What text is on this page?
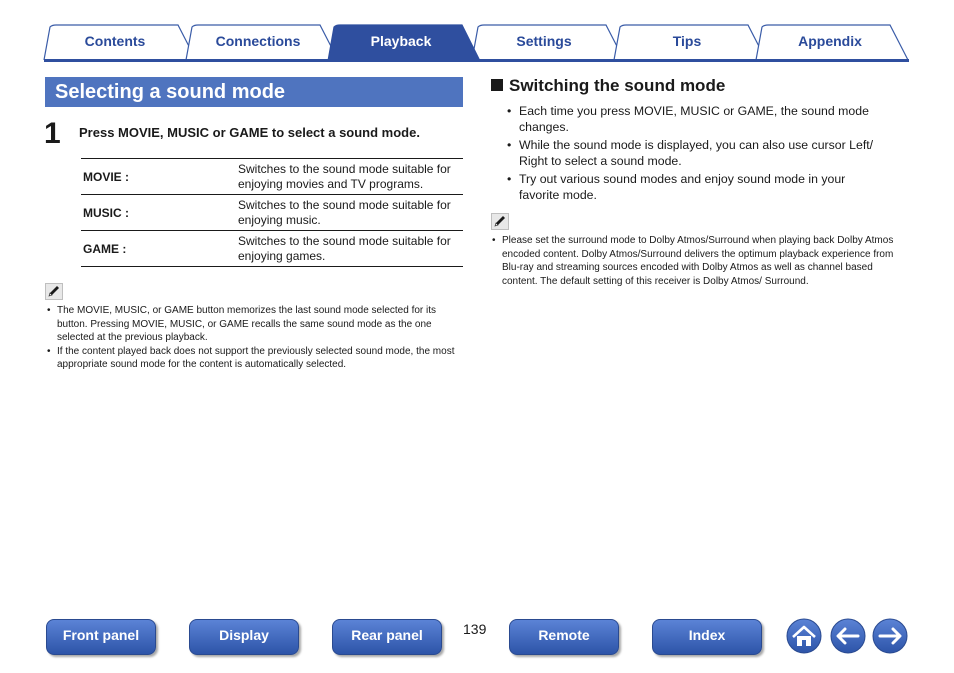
Contents	Connections	Playback	Settings	Tips	Appendix
Selecting a sound mode
1 Press MOVIE, MUSIC or GAME to select a sound mode.
MOVIE :	Switches to the sound mode suitable for enjoying movies and TV programs.
MUSIC :	Switches to the sound mode suitable for enjoying music.
GAME :	Switches to the sound mode suitable for enjoying games.
• The MOVIE, MUSIC, or GAME button memorizes the last sound mode selected for its button. Pressing MOVIE, MUSIC, or GAME recalls the same sound mode as the one selected at the previous playback.
• If the content played back does not support the previously selected sound mode, the most appropriate sound mode for the content is automatically selected.
Switching the sound mode
• Each time you press MOVIE, MUSIC or GAME, the sound mode changes.
• While the sound mode is displayed, you can also use cursor Left/ Right to select a sound mode.
• Try out various sound modes and enjoy sound mode in your favorite mode.
• Please set the surround mode to Dolby Atmos/Surround when playing back Dolby Atmos encoded content. Dolby Atmos/Surround delivers the optimum playback experience from Blu-ray and streaming sources encoded with Dolby Atmos as well as channel based content. The default setting of this receiver is Dolby Atmos/ Surround.
Front panel	Display	Rear panel	139	Remote	Index
